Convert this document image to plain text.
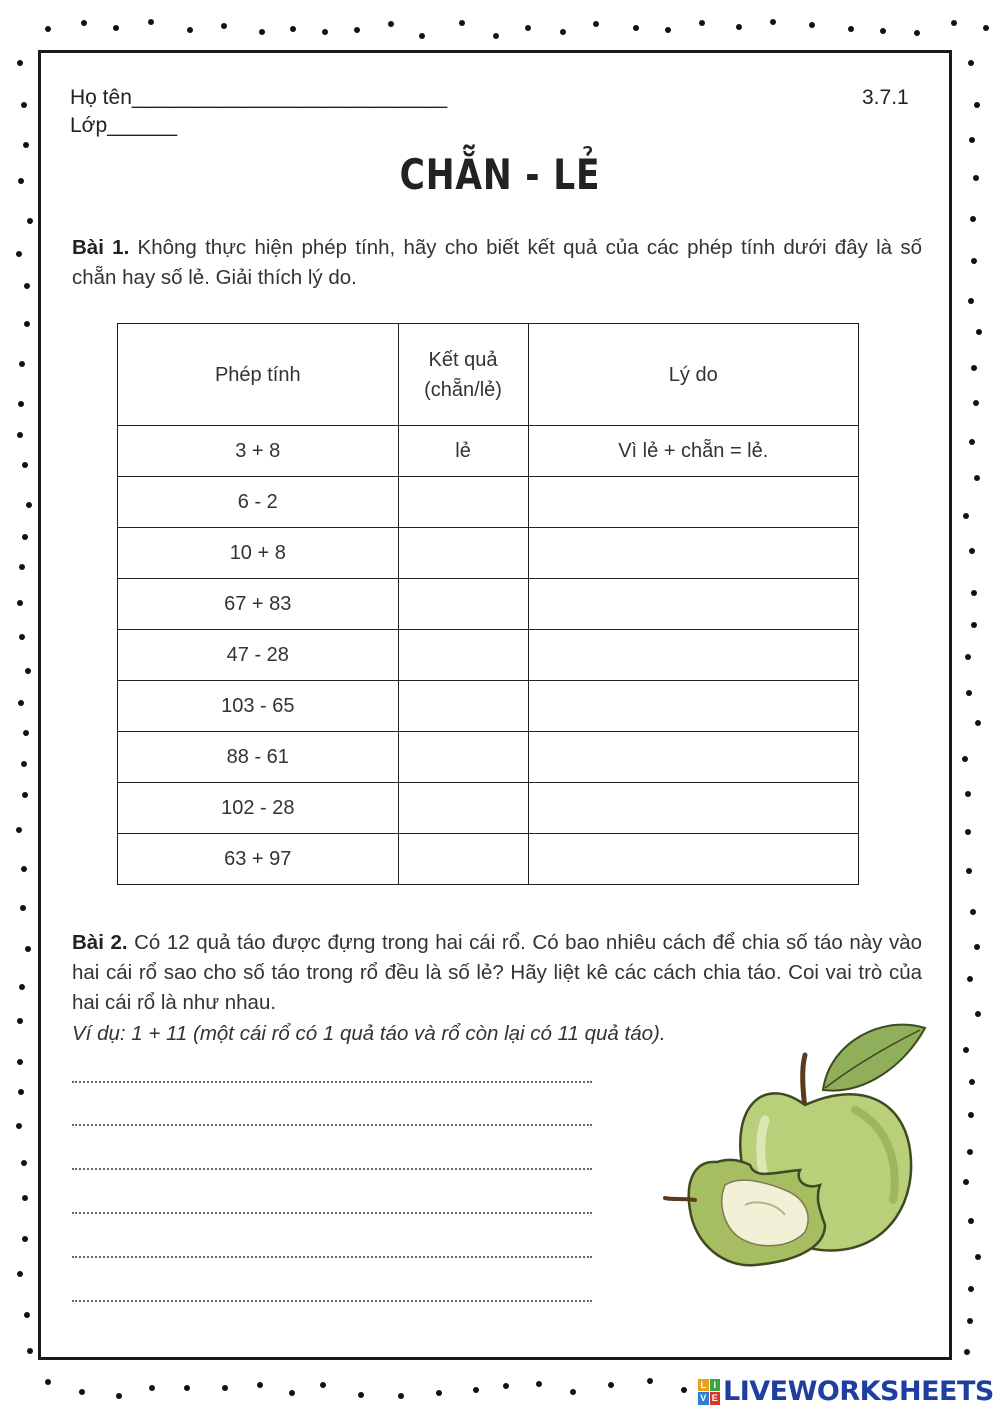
Họ tên___________________________
Lớp______
3.7.1
CHẴN - LẺ
Bài 1. Không thực hiện phép tính, hãy cho biết kết quả của các phép tính dưới đây là số chẵn hay số lẻ. Giải thích lý do.
Phép tính	Kết quả (chẵn/lẻ)	Lý do
3 + 8	lẻ	Vì lẻ + chẵn = lẻ.
6 - 2		
10 + 8		
67 + 83		
47 - 28		
103 - 65		
88 - 61		
102 - 28		
63 + 97		
Bài 2. Có 12 quả táo được đựng trong hai cái rổ. Có bao nhiêu cách để chia số táo này vào hai cái rổ sao cho số táo trong rổ đều là số lẻ? Hãy liệt kê các cách chia táo. Coi vai trò của hai cái rổ là như nhau.
Ví dụ: 1 + 11 (một cái rổ có 1 quả táo và rổ còn lại có 11 quả táo).
L I
V E LIVEWORKSHEETS
